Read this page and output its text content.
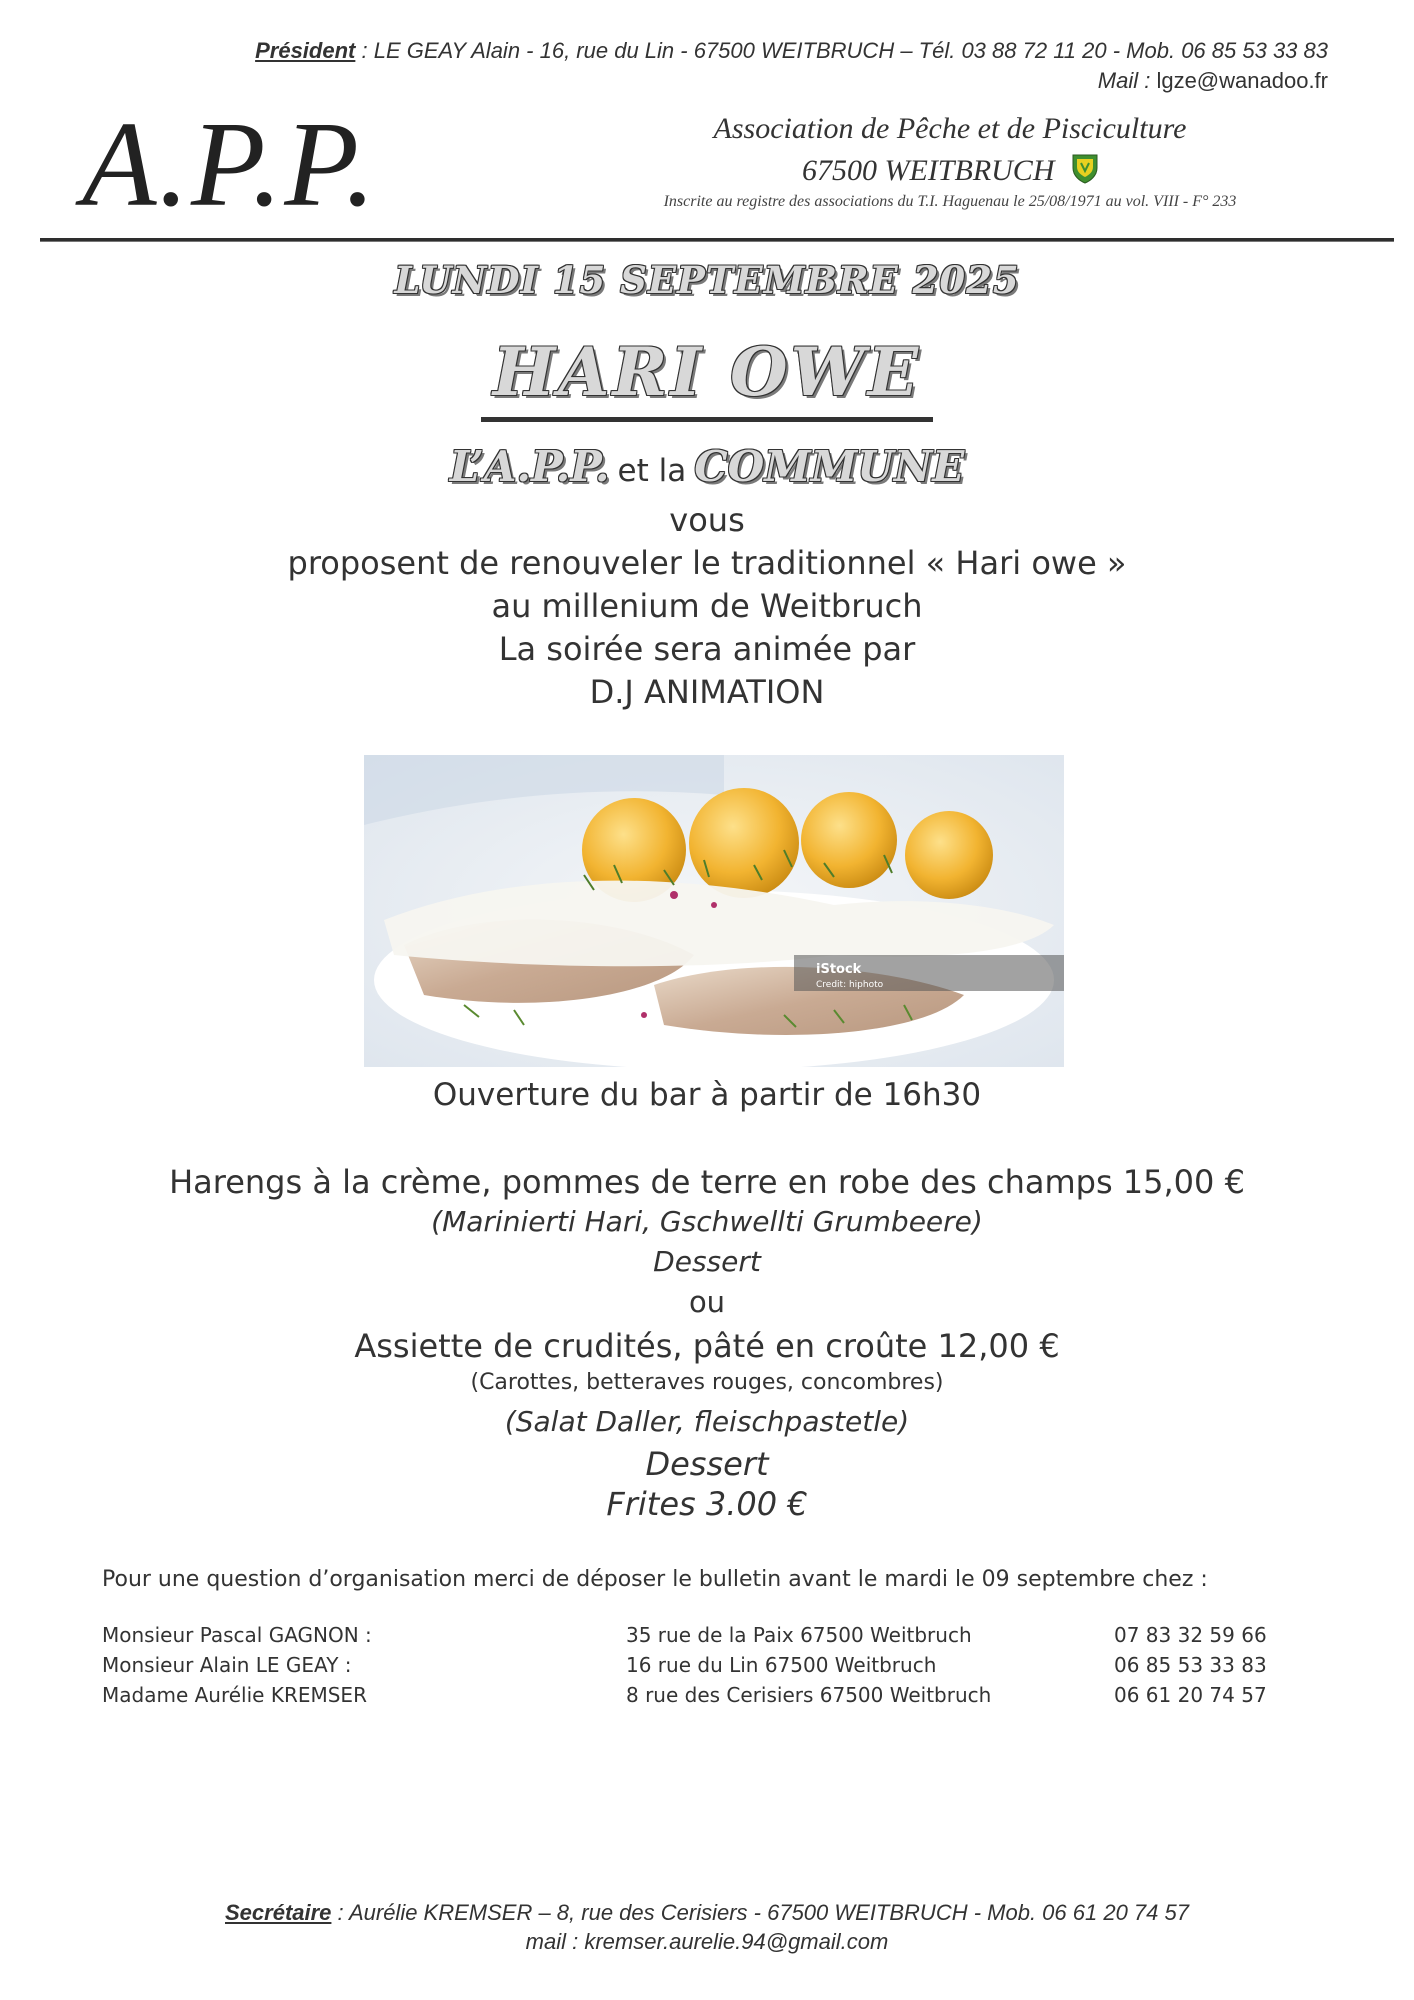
Président : LE GEAY Alain - 16, rue du Lin - 67500 WEITBRUCH – Tél. 03 88 72 11 20 - Mob. 06 85 53 33 83
Mail : lgze@wanadoo.fr
A.P.P.	Association de Pêche et de Pisciculture
67500 WEITBRUCH
Inscrite au registre des associations du T.I. Haguenau le 25/08/1971 au vol. VIII - F° 233
LUNDI 15 SEPTEMBRE 2025
HARI OWE
L’A.P.P. et la COMMUNE
vous
proposent de renouveler le traditionnel « Hari owe »
au millenium de Weitbruch
La soirée sera animée par
D.J ANIMATION
iStock
Credit: hiphoto
Ouverture du bar à partir de 16h30
Harengs à la crème, pommes de terre en robe des champs 15,00 €
(Marinierti Hari, Gschwellti Grumbeere)
Dessert
ou
Assiette de crudités, pâté en croûte 12,00 €
(Carottes, betteraves rouges, concombres)
(Salat Daller, fleischpastetle)
Dessert
Frites 3.00 €
Pour une question d’organisation merci de déposer le bulletin avant le mardi le 09 septembre chez :
Monsieur Pascal GAGNON :	35 rue de la Paix 67500 Weitbruch	07 83 32 59 66
Monsieur Alain LE GEAY :	16 rue du Lin 67500 Weitbruch	06 85 53 33 83
Madame Aurélie KREMSER	8 rue des Cerisiers 67500 Weitbruch	06 61 20 74 57
Secrétaire : Aurélie KREMSER – 8, rue des Cerisiers - 67500 WEITBRUCH - Mob. 06 61 20 74 57
mail : kremser.aurelie.94@gmail.com
